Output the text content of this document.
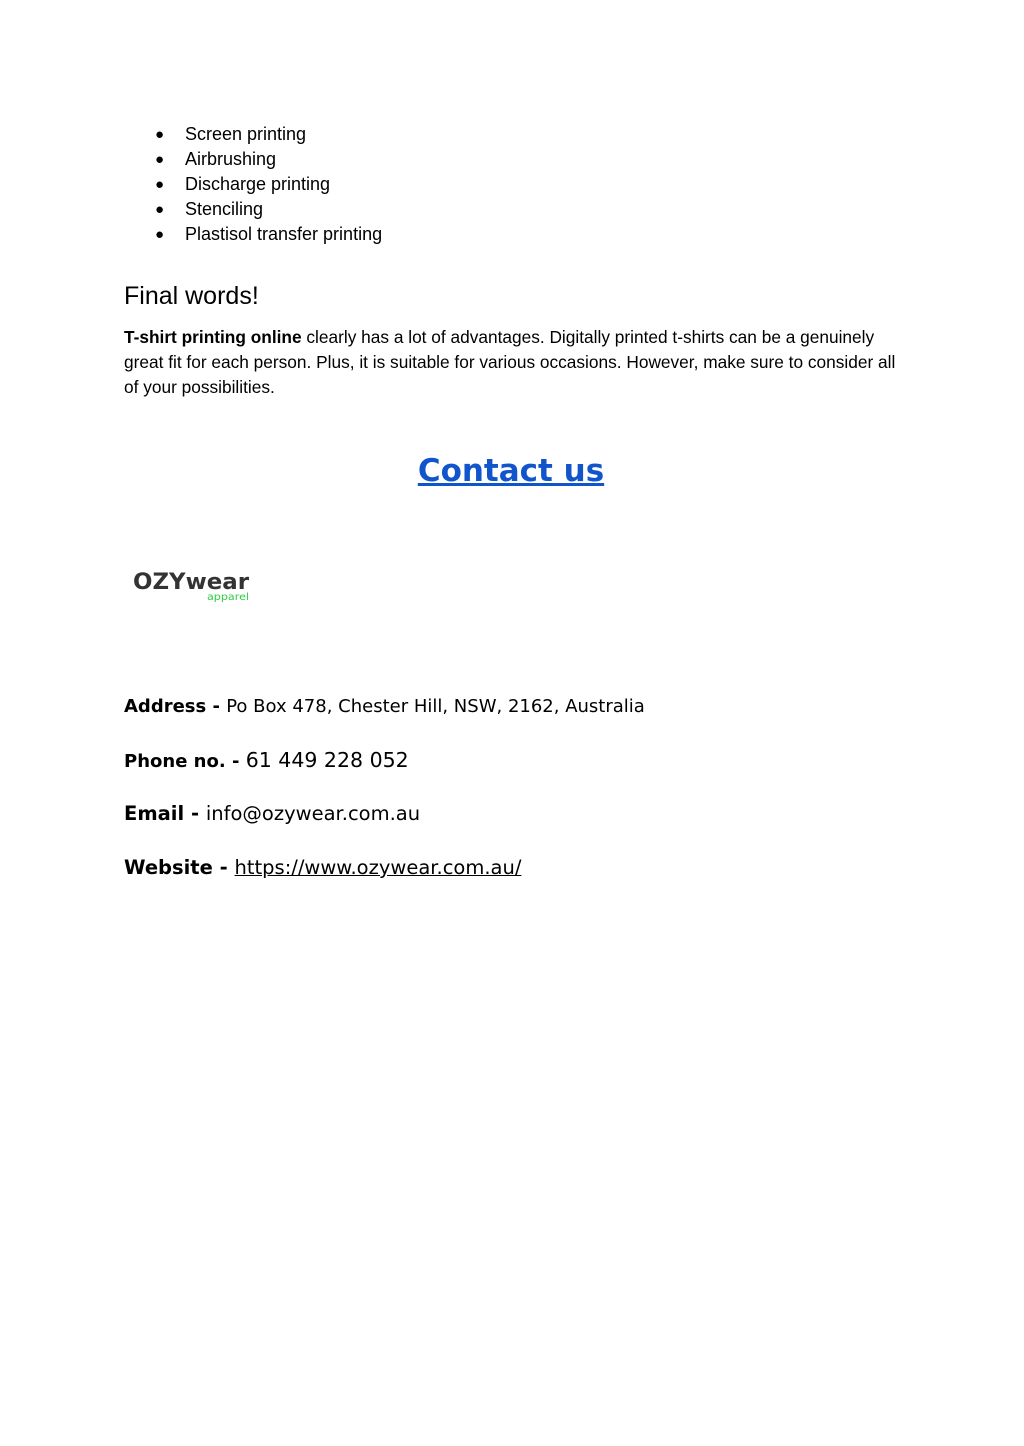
● Screen printing
● Airbrushing
● Discharge printing
● Stenciling
● Plastisol transfer printing
Final words!

T-shirt printing online clearly has a lot of advantages. Digitally printed t-shirts can be a genuinely great fit for each person. Plus, it is suitable for various occasions. However, make sure to consider all of your possibilities.

Contact us
OZYwear
apparel

Address - Po Box 478, Chester Hill, NSW, 2162, Australia

Phone no. - 61 449 228 052

Email - info@ozywear.com.au

Website - https://www.ozywear.com.au/
